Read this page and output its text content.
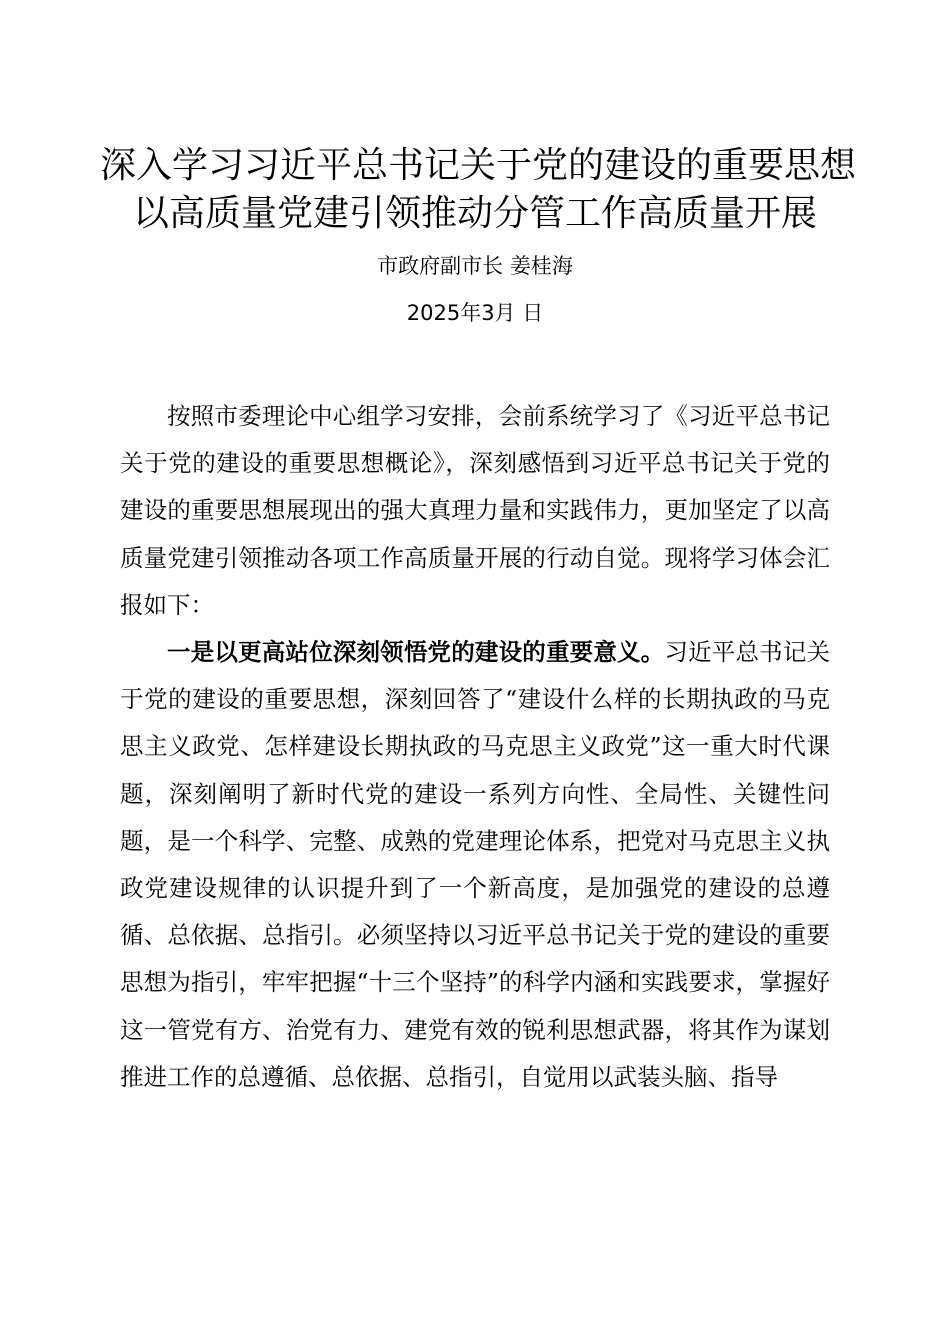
深入学习习近平总书记关于党的建设的重要思想
以高质量党建引领推动分管工作高质量开展
市政府副市长 姜桂海
2025年3月 日

按照市委理论中心组学习安排，会前系统学习了《习近平总书记关于党的建设的重要思想概论》，深刻感悟到习近平总书记关于党的建设的重要思想展现出的强大真理力量和实践伟力，更加坚定了以高质量党建引领推动各项工作高质量开展的行动自觉。现将学习体会汇报如下：

一是以更高站位深刻领悟党的建设的重要意义。习近平总书记关于党的建设的重要思想，深刻回答了“建设什么样的长期执政的马克思主义政党、怎样建设长期执政的马克思主义政党”这一重大时代课题，深刻阐明了新时代党的建设一系列方向性、全局性、关键性问题，是一个科学、完整、成熟的党建理论体系，把党对马克思主义执政党建设规律的认识提升到了一个新高度，是加强党的建设的总遵循、总依据、总指引。必须坚持以习近平总书记关于党的建设的重要思想为指引，牢牢把握“十三个坚持”的科学内涵和实践要求，掌握好这一管党有方、治党有力、建党有效的锐利思想武器，将其作为谋划推进工作的总遵循、总依据、总指引，自觉用以武装头脑、指导
